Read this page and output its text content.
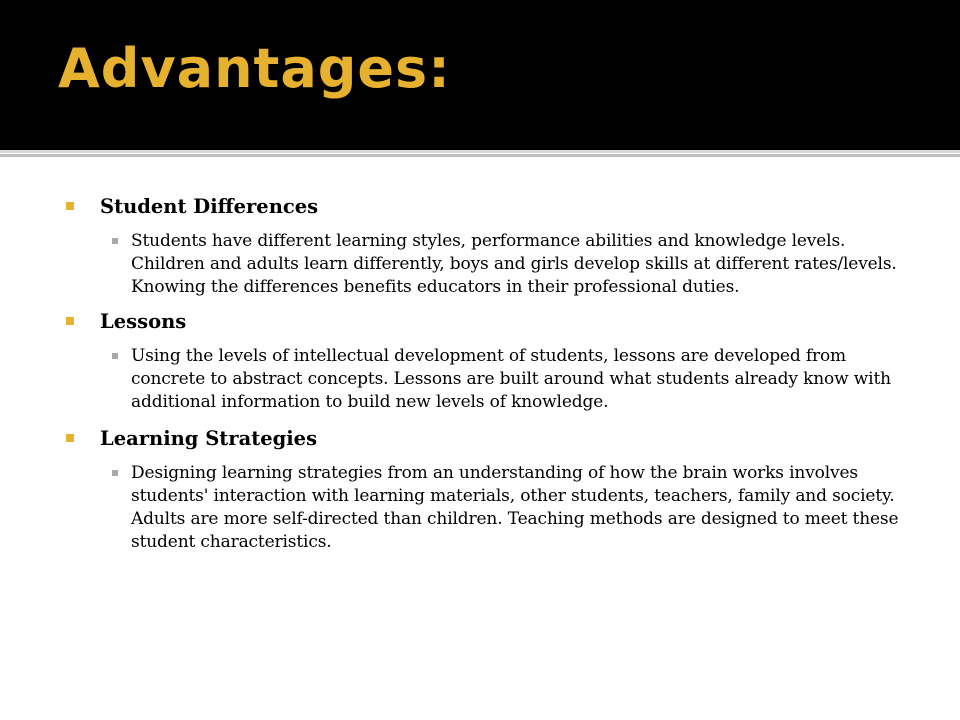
Advantages:
Student Differences
Students have different learning styles, performance abilities and knowledge levels. Children and adults learn differently, boys and girls develop skills at different rates/levels. Knowing the differences benefits educators in their professional duties.
Lessons
Using the levels of intellectual development of students, lessons are developed from concrete to abstract concepts. Lessons are built around what students already know with additional information to build new levels of knowledge.
Learning Strategies
Designing learning strategies from an understanding of how the brain works involves students' interaction with learning materials, other students, teachers, family and society. Adults are more self-directed than children. Teaching methods are designed to meet these student characteristics.
